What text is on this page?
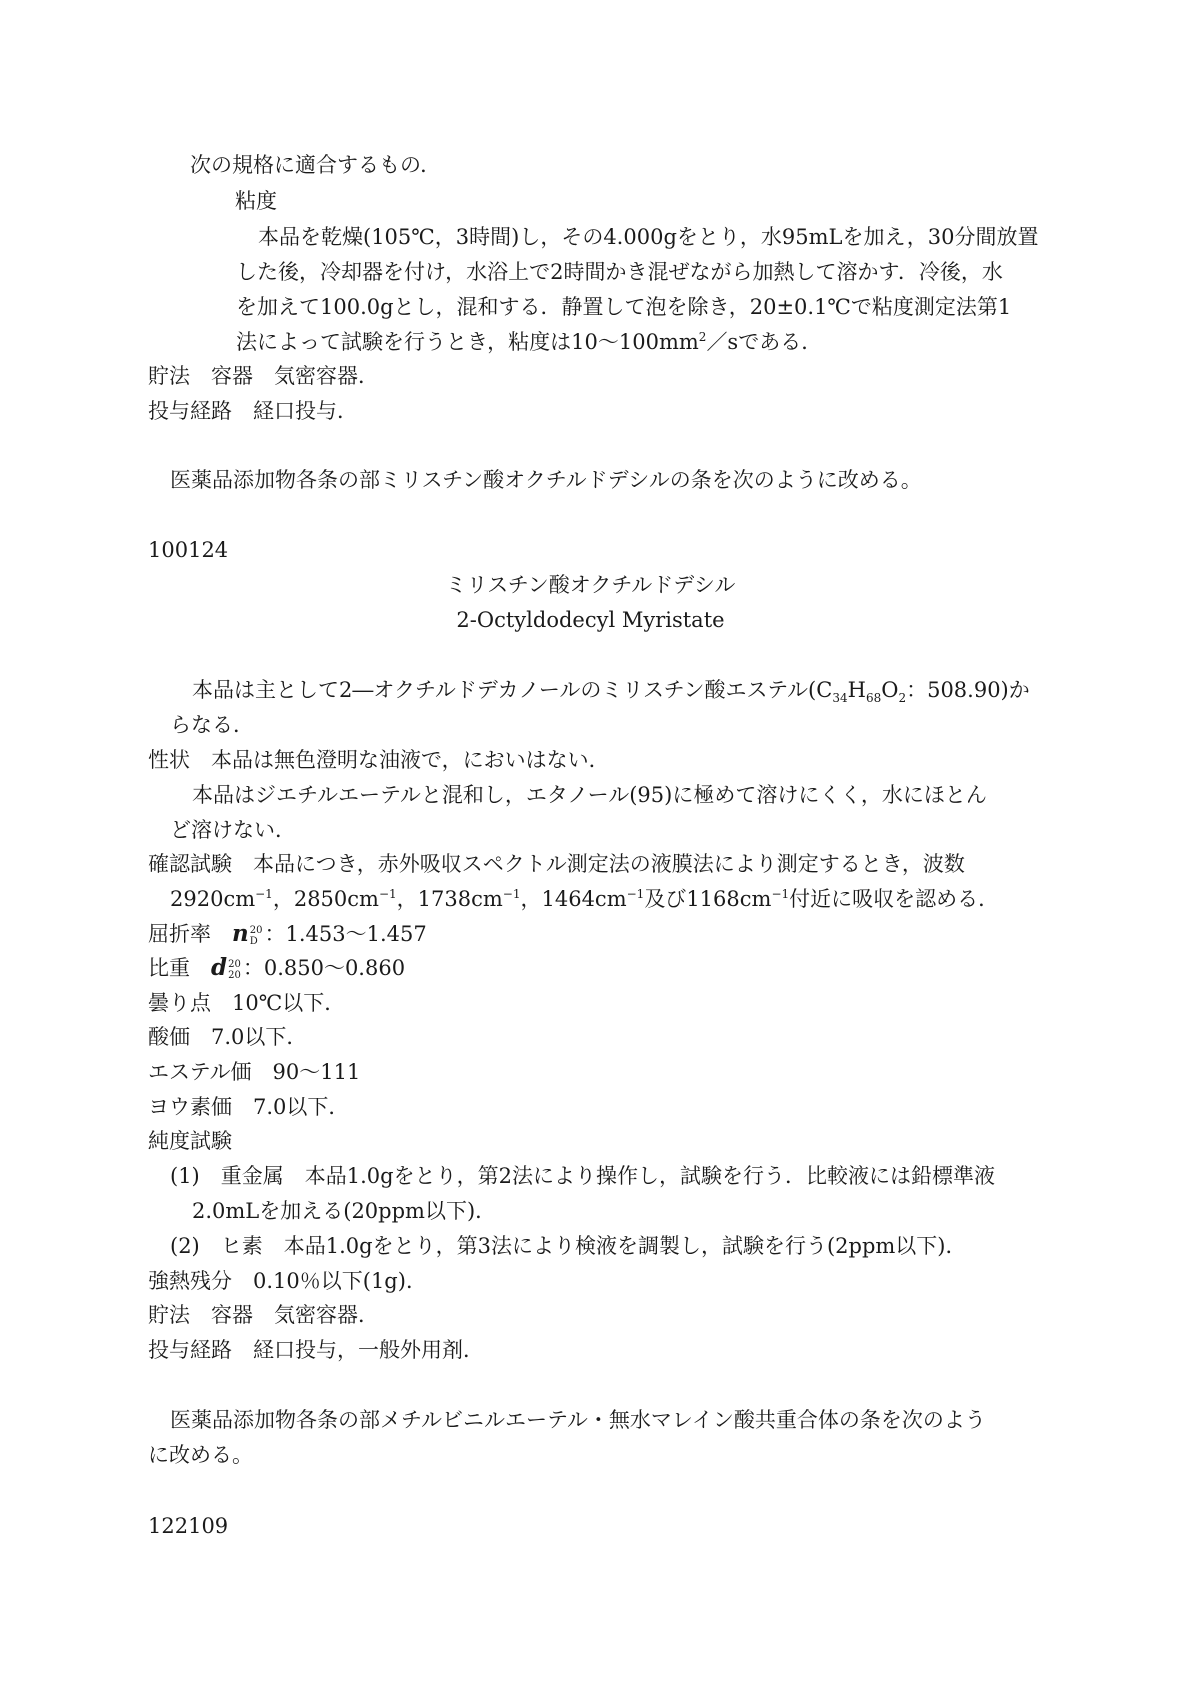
次の規格に適合するもの．
粘度
本品を乾燥(105℃，3時間)し，その4.000gをとり，水95mLを加え，30分間放置
した後，冷却器を付け，水浴上で2時間かき混ぜながら加熱して溶かす．冷後，水
を加えて100.0gとし，混和する．静置して泡を除き，20±0.1℃で粘度測定法第1
法によって試験を行うとき，粘度は$10\sim 100mm^2/s$である．
貯法　容器　気密容器．
投与経路　経口投与．
医薬品添加物各条の部ミリスチン酸オクチルドデシルの条を次のように改める。
100124
ミリスチン酸オクチルドデシル
2-Octyldodecyl Myristate
本品は主として2―オクチルドデカノールのミリスチン酸エステル($C_{34}H_{68}O_2$：508.90)か
らなる．
性状　本品は無色澄明な油液で，においはない．
本品はジエチルエーテルと混和し，エタノール(95)に極めて溶けにくく，水にほとん
ど溶けない．
確認試験　本品につき，赤外吸収スペクトル測定法の液膜法により測定するとき，波数
$2920cm^{-1}$，$2850cm^{-1}$，$1738cm^{-1}$，$1464cm^{-1}$及び$1168cm^{-1}$付近に吸収を認める．
屈折率　 n 20
D ：1.453～1.457
比重　 d 20
20 ：0.850～0.860
曇り点　10℃以下．
酸価　7.0以下．
エステル価　90～111
ヨウ素価　7.0以下．
純度試験
(1)　重金属　本品1.0gをとり，第2法により操作し，試験を行う．比較液には鉛標準液
2.0mLを加える(20ppm以下)．
(2)　ヒ素　本品1.0gをとり，第3法により検液を調製し，試験を行う(2ppm以下)．
強熱残分　0.10％以下(1g)．
貯法　容器　気密容器．
投与経路　経口投与，一般外用剤．
医薬品添加物各条の部メチルビニルエーテル・無水マレイン酸共重合体の条を次のよう
に改める。
122109
